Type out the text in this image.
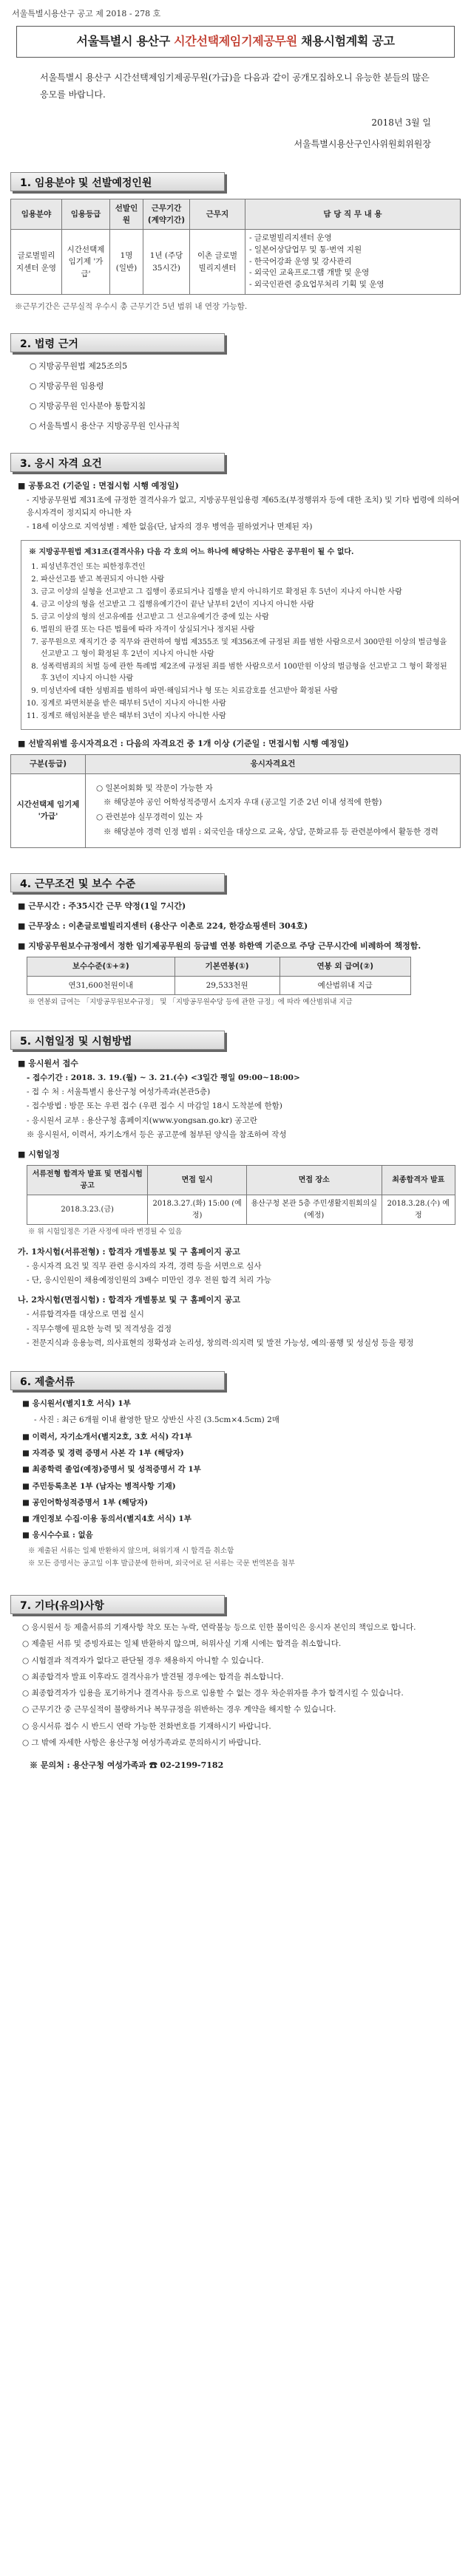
서울특별시용산구 공고 제 2018 - 278 호
서울특별시 용산구 시간선택제임기제공무원 채용시험계획 공고
서울특별시 용산구 시간선택제임기제공무원(가급)을 다음과 같이 공개모집하오니 유능한 분들의 많은 응모를 바랍니다.
2018년 3월 일
서울특별시용산구인사위원회위원장
1. 임용분야 및 선발예정인원
임용분야	임용등급	선발인원	근무기간(계약기간)	근무지	담 당 직 무 내 용
글로벌빌리지센터 운영	시간선택제 임기제 '가급'	1명 (일반)	1년 (주당 35시간)	이촌 글로벌 빌리지센터	- 글로벌빌리지센터 운영
- 일본어상담업무 및 통·번역 지원
- 한국어강좌 운영 및 강사관리
- 외국인 교육프로그램 개발 및 운영
- 외국인관련 중요업무처리 기획 및 운영
※근무기간은 근무실적 우수시 총 근무기간 5년 범위 내 연장 가능함.
2. 법령 근거
○ 지방공무원법 제25조의5
○ 지방공무원 임용령
○ 지방공무원 인사분야 통합지침
○ 서울특별시 용산구 지방공무원 인사규칙
3. 응시 자격 요건
■ 공통요건 (기준일 : 면접시험 시행 예정일)
- 지방공무원법 제31조에 규정한 결격사유가 없고, 지방공무원임용령 제65조(부정행위자 등에 대한 조치) 및 기타 법령에 의하여 응시자격이 정지되지 아니한 자
- 18세 이상으로 지역성별 : 제한 없음(단, 남자의 경우 병역을 필하였거나 면제된 자)
※ 지방공무원법 제31조(결격사유) 다음 각 호의 어느 하나에 해당하는 사람은 공무원이 될 수 없다.
1. 피성년후견인 또는 피한정후견인
2. 파산선고를 받고 복권되지 아니한 사람
3. 금고 이상의 실형을 선고받고 그 집행이 종료되거나 집행을 받지 아니하기로 확정된 후 5년이 지나지 아니한 사람
4. 금고 이상의 형을 선고받고 그 집행유예기간이 끝난 날부터 2년이 지나지 아니한 사람
5. 금고 이상의 형의 선고유예를 선고받고 그 선고유예기간 중에 있는 사람
6. 법원의 판결 또는 다른 법률에 따라 자격이 상실되거나 정지된 사람
7. 공무원으로 재직기간 중 직무와 관련하여 형법 제355조 및 제356조에 규정된 죄를 범한 사람으로서 300만원 이상의 벌금형을 선고받고 그 형이 확정된 후 2년이 지나지 아니한 사람
8. 성폭력범죄의 처벌 등에 관한 특례법 제2조에 규정된 죄를 범한 사람으로서 100만원 이상의 벌금형을 선고받고 그 형이 확정된 후 3년이 지나지 아니한 사람
9. 미성년자에 대한 성범죄를 범하여 파면·해임되거나 형 또는 치료감호를 선고받아 확정된 사람
10. 징계로 파면처분을 받은 때부터 5년이 지나지 아니한 사람
11. 징계로 해임처분을 받은 때부터 3년이 지나지 아니한 사람
■ 선발직위별 응시자격요건 : 다음의 자격요건 중 1개 이상 (기준일 : 면접시험 시행 예정일)
구분(등급)	응시자격요건
시간선택제 임기제 '가급'	○ 일본어회화 및 작문이 가능한 자
※ 해당분야 공인 어학성적증명서 소지자 우대 (공고일 기준 2년 이내 성적에 한함)
○ 관련분야 실무경력이 있는 자
※ 해당분야 경력 인정 범위 : 외국인을 대상으로 교육, 상담, 문화교류 등 관련분야에서 활동한 경력
4. 근무조건 및 보수 수준
■ 근무시간 : 주35시간 근무 약정(1일 7시간)
■ 근무장소 : 이촌글로벌빌리지센터 (용산구 이촌로 224, 한강쇼핑센터 304호)
■ 지방공무원보수규정에서 정한 임기제공무원의 등급별 연봉 하한액 기준으로 주당 근무시간에 비례하여 책정함.
보수수준(①+②)	기본연봉(①)	연봉 외 급여(②)
연31,600천원이내	29,533천원	예산범위내 지급
※ 연봉외 급여는 「지방공무원보수규정」 및 「지방공무원수당 등에 관한 규정」에 따라 예산범위내 지급
5. 시험일정 및 시험방법
■ 응시원서 접수
- 접수기간 : 2018. 3. 19.(월) ~ 3. 21.(수) <3일간 평일 09:00~18:00>
- 접 수 처 : 서울특별시 용산구청 여성가족과(본관5층)
- 접수방법 : 방문 또는 우편 접수 (우편 접수 시 마감일 18시 도착분에 한함)
- 응시원서 교부 : 용산구청 홈페이지(www.yongsan.go.kr) 공고란
※ 응시원서, 이력서, 자기소개서 등은 공고문에 첨부된 양식을 참조하여 작성
■ 시험일정
서류전형 합격자 발표 및 면접시험공고	면접 일시	면접 장소	최종합격자 발표
2018.3.23.(금)	2018.3.27.(화) 15:00 (예정)	용산구청 본관 5층 주민생활지원회의실(예정)	2018.3.28.(수) 예정
※ 위 시험일정은 기관 사정에 따라 변경될 수 있음
가. 1차시험(서류전형) : 합격자 개별통보 및 구 홈페이지 공고
- 응시자격 요건 및 직무 관련 응시자의 자격, 경력 등을 서면으로 심사
- 단, 응시인원이 채용예정인원의 3배수 미만인 경우 전원 합격 처리 가능
나. 2차시험(면접시험) : 합격자 개별통보 및 구 홈페이지 공고
- 서류합격자를 대상으로 면접 실시
- 직무수행에 필요한 능력 및 적격성을 검정
- 전문지식과 응용능력, 의사표현의 정확성과 논리성, 창의력·의지력 및 발전 가능성, 예의·품행 및 성실성 등을 평정
6. 제출서류
■ 응시원서(별지1호 서식) 1부
- 사진 : 최근 6개월 이내 촬영한 탈모 상반신 사진 (3.5cm×4.5cm) 2매
■ 이력서, 자기소개서(별지2호, 3호 서식) 각1부
■ 자격증 및 경력 증명서 사본 각 1부 (해당자)
■ 최종학력 졸업(예정)증명서 및 성적증명서 각 1부
■ 주민등록초본 1부 (남자는 병적사항 기재)
■ 공인어학성적증명서 1부 (해당자)
■ 개인정보 수집·이용 동의서(별지4호 서식) 1부
■ 응시수수료 : 없음
※ 제출된 서류는 일체 반환하지 않으며, 허위기재 시 합격을 취소함
※ 모든 증명서는 공고일 이후 발급분에 한하며, 외국어로 된 서류는 국문 번역본을 첨부
7. 기타(유의)사항
○ 응시원서 등 제출서류의 기재사항 착오 또는 누락, 연락불능 등으로 인한 불이익은 응시자 본인의 책임으로 합니다.
○ 제출된 서류 및 증빙자료는 일체 반환하지 않으며, 허위사실 기재 시에는 합격을 취소합니다.
○ 시험결과 적격자가 없다고 판단될 경우 채용하지 아니할 수 있습니다.
○ 최종합격자 발표 이후라도 결격사유가 발견될 경우에는 합격을 취소합니다.
○ 최종합격자가 임용을 포기하거나 결격사유 등으로 임용할 수 없는 경우 차순위자를 추가 합격시킬 수 있습니다.
○ 근무기간 중 근무실적이 불량하거나 복무규정을 위반하는 경우 계약을 해지할 수 있습니다.
○ 응시서류 접수 시 반드시 연락 가능한 전화번호를 기재하시기 바랍니다.
○ 그 밖에 자세한 사항은 용산구청 여성가족과로 문의하시기 바랍니다.
※ 문의처 : 용산구청 여성가족과 ☎ 02-2199-7182
